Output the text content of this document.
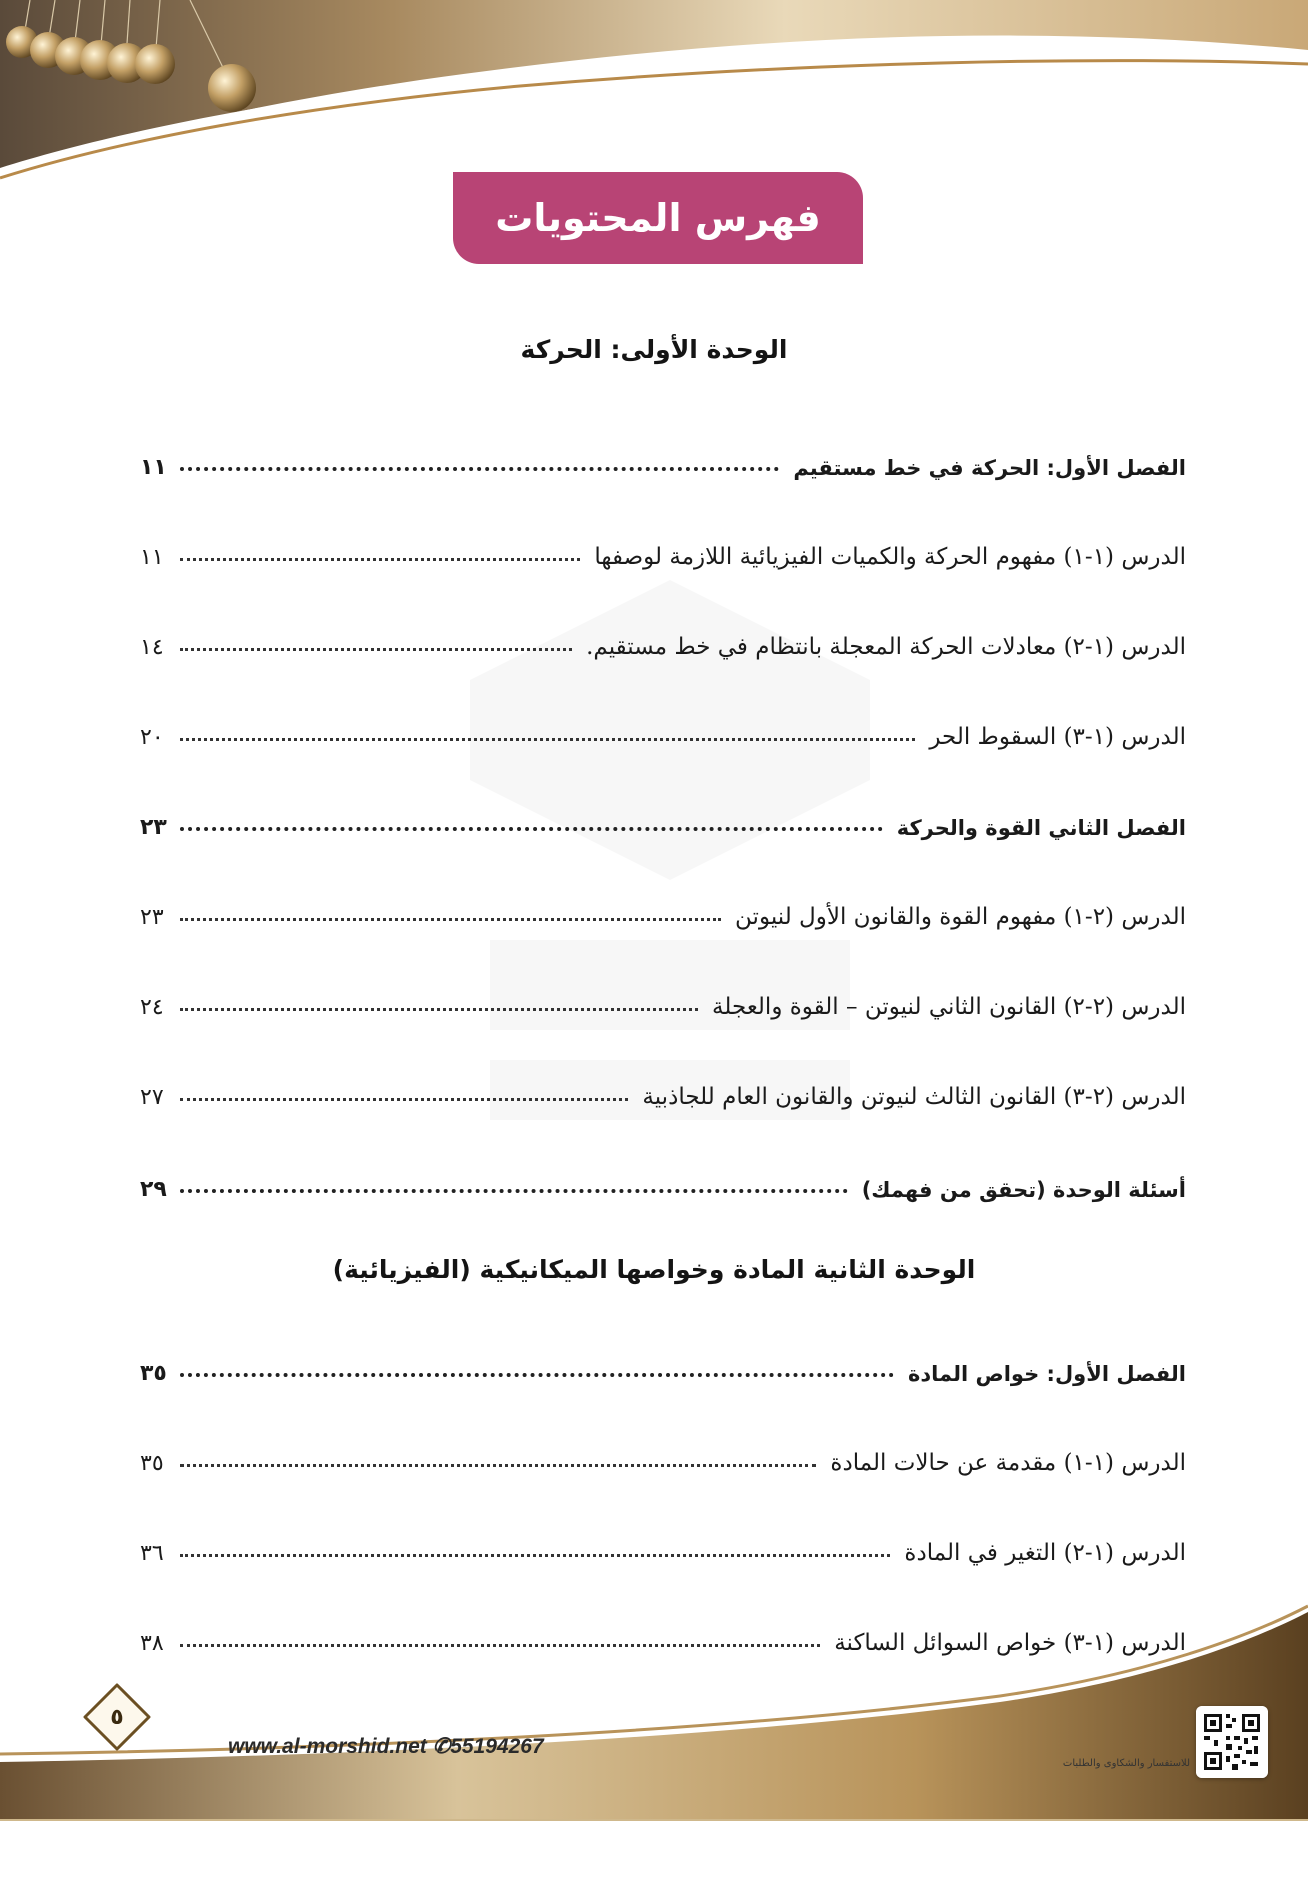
فهرس المحتويات
الوحدة الأولى: الحركة
الفصل الأول: الحركة في خط مستقيم
١١
الدرس (١-١) مفهوم الحركة والكميات الفيزيائية اللازمة لوصفها
١١
الدرس (١-٢) معادلات الحركة المعجلة بانتظام في خط مستقيم.
١٤
الدرس (١-٣) السقوط الحر
٢٠
الفصل الثاني القوة والحركة
٢٣
الدرس (٢-١) مفهوم القوة والقانون الأول لنيوتن
٢٣
الدرس (٢-٢) القانون الثاني لنيوتن – القوة والعجلة
٢٤
الدرس (٢-٣) القانون الثالث لنيوتن والقانون العام للجاذبية
٢٧
أسئلة الوحدة (تحقق من فهمك)
٢٩
الوحدة الثانية المادة وخواصها الميكانيكية (الفيزيائية)
الفصل الأول: خواص المادة
٣٥
الدرس (١-١) مقدمة عن حالات المادة
٣٥
الدرس (١-٢) التغير في المادة
٣٦
الدرس (١-٣) خواص السوائل الساكنة
٣٨
٥
www.al-morshid.net ✆55194267
للاستفسار والشكاوى والطلبات
